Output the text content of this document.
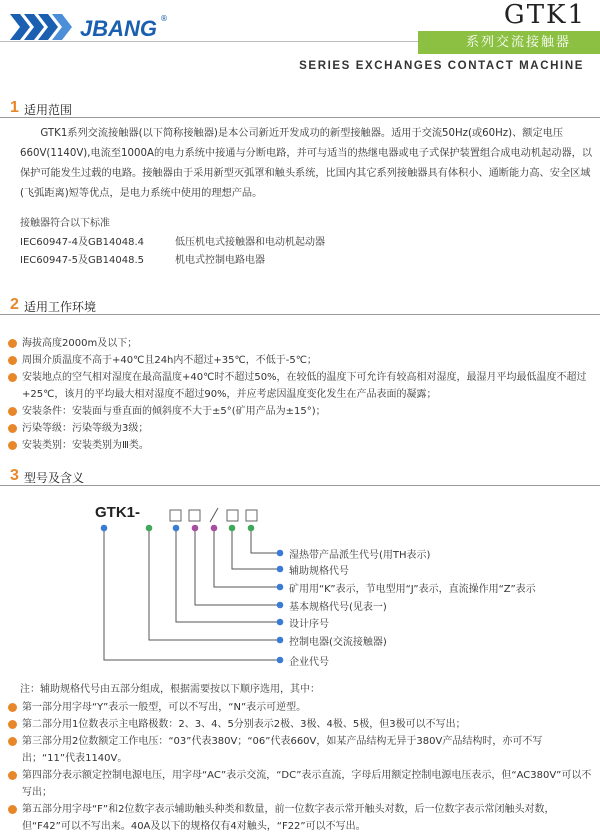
JBANG ®	GTK1
系列交流接触器
SERIES EXCHANGES CONTACT MACHINE
1 适用范围
GTK1系列交流接触器(以下简称接触器)是本公司新近开发成功的新型接触器。适用于交流50Hz(或60Hz)、额定电压660V(1140V),电流至1000A的电力系统中接通与分断电路，并可与适当的热继电器或电子式保护装置组合成电动机起动器，以保护可能发生过载的电路。接触器由于采用新型灭弧罩和触头系统，比国内其它系列接触器具有体积小、通断能力高、安全区域(飞弧距离)短等优点，是电力系统中使用的理想产品。
接触器符合以下标准
IEC60947-4及GB14048.4	低压机电式接触器和电动机起动器
IEC60947-5及GB14048.5	机电式控制电路电器
2 适用工作环境
海拔高度2000m及以下；
周围介质温度不高于+40℃且24h内不超过+35℃，不低于-5℃；
安装地点的空气相对湿度在最高温度+40℃时不超过50%，在较低的温度下可允许有较高相对湿度，最湿月平均最低温度不超过+25℃，该月的平均最大相对湿度不超过90%，并应考虑因温度变化发生在产品表面的凝露；
安装条件：安装面与垂直面的倾斜度不大于±5°(矿用产品为±15°)；
污染等级：污染等级为3级；
安装类别：安装类别为Ⅲ类。
3 型号及含义
GTK1-
湿热带产品派生代号(用TH表示)
辅助规格代号
矿用用“K”表示，节电型用“J”表示，直流操作用“Z”表示
基本规格代号(见表一)
设计序号
控制电器(交流接触器)
企业代号
注：辅助规格代号由五部分组成，根据需要按以下顺序选用，其中：
第一部分用字母“Y”表示一般型，可以不写出，“N”表示可逆型。
第二部分用1位数表示主电路极数：2、3、4、5分别表示2极、3极、4极、5极，但3极可以不写出；
第三部分用2位数额定工作电压：“03”代表380V；“06”代表660V，如某产品结构无异于380V产品结构时，亦可不写出；“11”代表1140V。
第四部分表示额定控制电源电压，用字母“AC”表示交流，“DC”表示直流，字母后用额定控制电源电压表示，但“AC380V”可以不写出；
第五部分用字母“F”和2位数字表示辅助触头种类和数量，前一位数字表示常开触头对数，后一位数字表示常闭触头对数，但“F42”可以不写出来。40A及以下的规格仅有4对触头，“F22”可以不写出。
